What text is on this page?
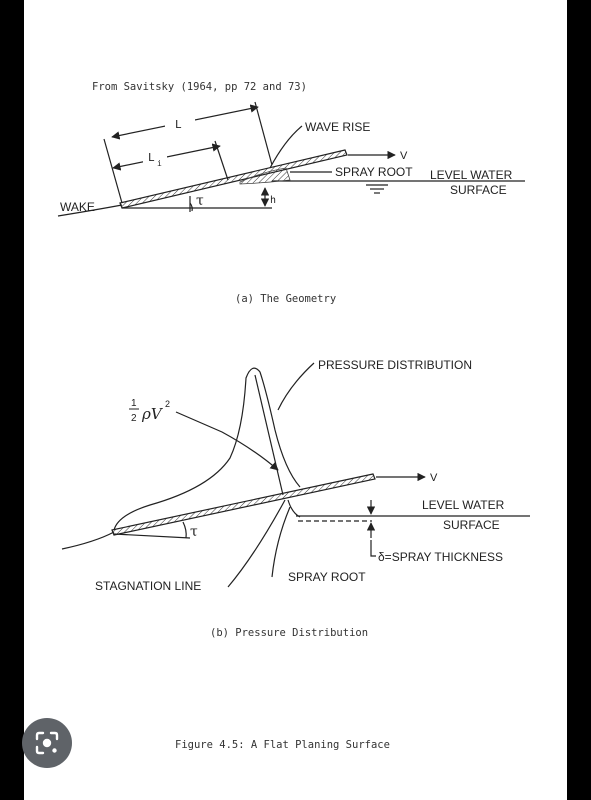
From Savitsky (1964, pp 72 and 73)
L
L i
WAVE RISE
V
SPRAY ROOT LEVEL WATER
SURFACE
WAKE	τ	h
(a) The Geometry
PRESSURE DISTRIBUTION
1
2 ρV
2
V
LEVEL WATER
SURFACE
τ
δ=SPRAY THICKNESS
STAGNATION LINE
SPRAY ROOT
(b) Pressure Distribution
Figure 4.5: A Flat Planing Surface
